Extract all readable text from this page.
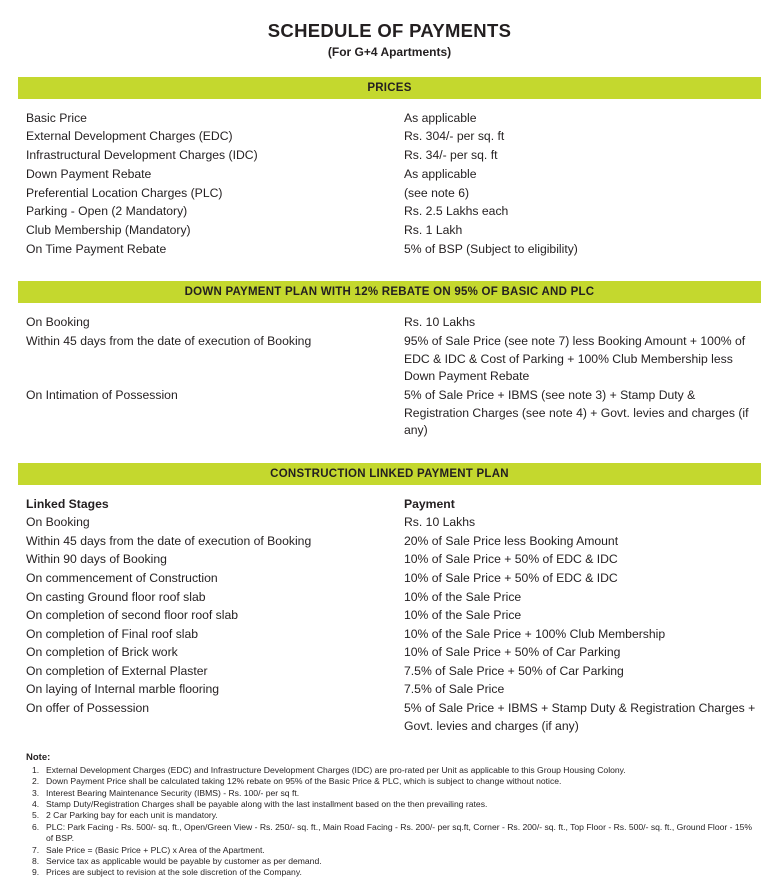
SCHEDULE OF PAYMENTS
(For G+4 Apartments)
PRICES
Basic Price	As applicable
External Development Charges (EDC)	Rs. 304/- per sq. ft
Infrastructural Development Charges (IDC)	Rs. 34/- per sq. ft
Down Payment Rebate	As applicable
Preferential Location Charges (PLC)	(see note 6)
Parking - Open (2 Mandatory)	Rs. 2.5 Lakhs each
Club Membership (Mandatory)	Rs. 1 Lakh
On Time Payment Rebate	5% of BSP (Subject to eligibility)
DOWN PAYMENT PLAN WITH 12% REBATE ON 95% OF BASIC AND PLC
On Booking	Rs. 10 Lakhs
Within 45 days from the date of execution of Booking	95% of Sale Price (see note 7) less Booking Amount + 100% of EDC & IDC & Cost of Parking + 100% Club Membership less Down Payment Rebate
On Intimation of Possession	5% of Sale Price + IBMS (see note 3) + Stamp Duty & Registration Charges (see note 4) + Govt. levies and charges (if any)
CONSTRUCTION LINKED PAYMENT PLAN
Linked Stages	Payment
On Booking	Rs. 10 Lakhs
Within 45 days from the date of execution of Booking	20% of Sale Price less Booking Amount
Within 90 days of Booking	10% of Sale Price + 50% of EDC & IDC
On commencement of Construction	10% of Sale Price + 50% of EDC & IDC
On casting Ground floor roof slab	10% of the Sale Price
On completion of second floor roof slab	10% of the Sale Price
On completion of Final roof slab	10% of the Sale Price + 100% Club Membership
On completion of Brick work	10% of Sale Price + 50% of Car Parking
On completion of External Plaster	7.5% of Sale Price + 50% of Car Parking
On laying of Internal marble flooring	7.5% of Sale Price
On offer of Possession	5% of Sale Price + IBMS + Stamp Duty & Registration Charges + Govt. levies and charges (if any)
Note:
1. External Development Charges (EDC) and Infrastructure Development Charges (IDC) are pro-rated per Unit as applicable to this Group Housing Colony.
2. Down Payment Price shall be calculated taking 12% rebate on 95% of the Basic Price & PLC, which is subject to change without notice.
3. Interest Bearing Maintenance Security (IBMS) - Rs. 100/- per sq ft.
4. Stamp Duty/Registration Charges shall be payable along with the last installment based on the then prevailing rates.
5. 2 Car Parking bay for each unit is mandatory.
6. PLC: Park Facing - Rs. 500/- sq. ft., Open/Green View - Rs. 250/- sq. ft., Main Road Facing - Rs. 200/- per sq.ft, Corner - Rs. 200/- sq. ft., Top Floor - Rs. 500/- sq. ft., Ground Floor - 15% of BSP.
7. Sale Price = (Basic Price + PLC) x Area of the Apartment.
8. Service tax as applicable would be payable by customer as per demand.
9. Prices are subject to revision at the sole discretion of the Company.
